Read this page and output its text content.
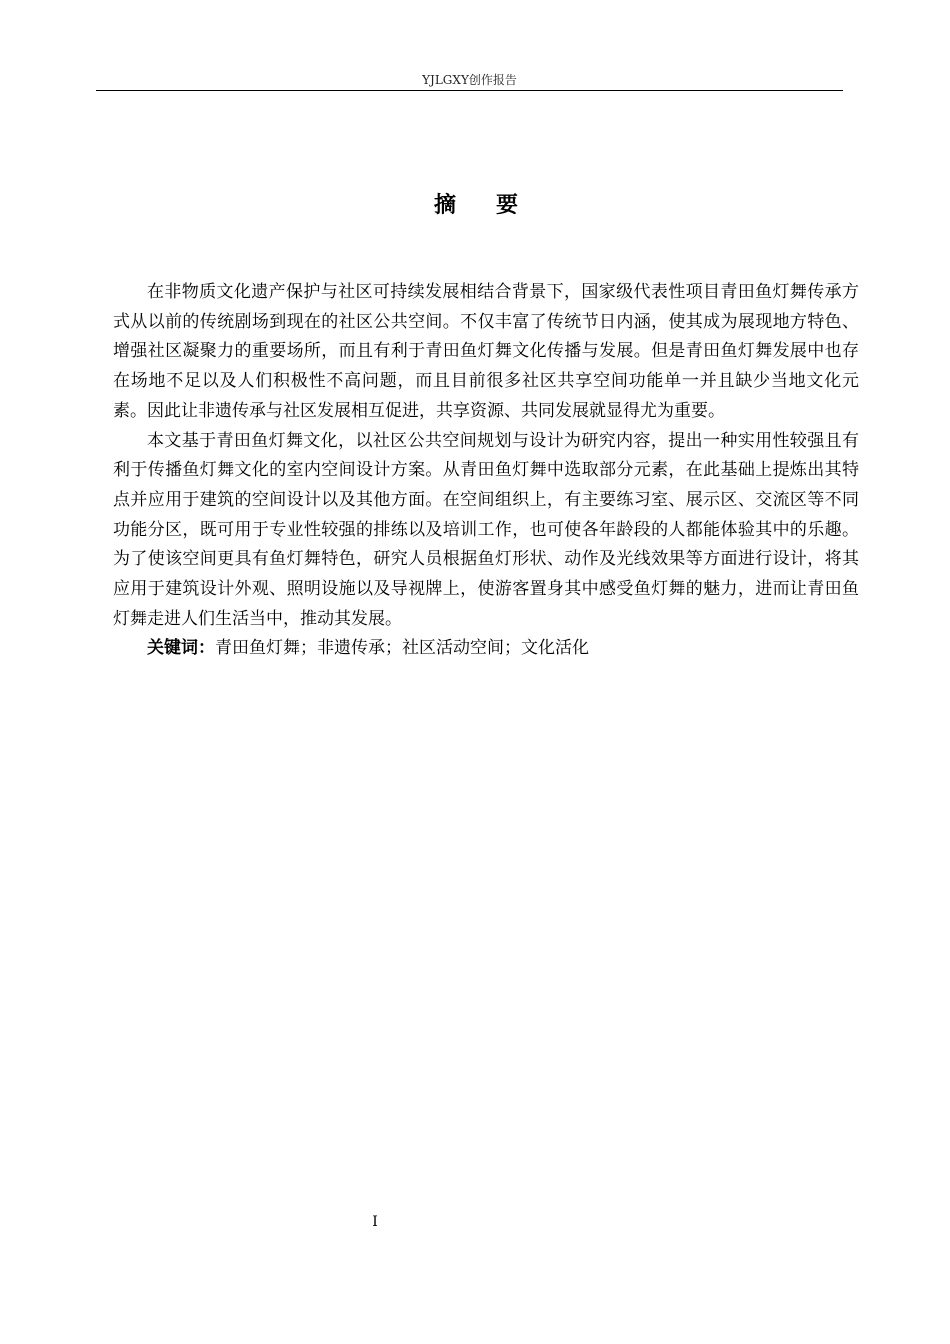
YJLGXY创作报告
摘 要

在非物质文化遗产保护与社区可持续发展相结合背景下，国家级代表性项目青田鱼灯舞传承方式从以前的传统剧场到现在的社区公共空间。不仅丰富了传统节日内涵，使其成为展现地方特色、增强社区凝聚力的重要场所，而且有利于青田鱼灯舞文化传播与发展。但是青田鱼灯舞发展中也存在场地不足以及人们积极性不高问题，而且目前很多社区共享空间功能单一并且缺少当地文化元素。因此让非遗传承与社区发展相互促进，共享资源、共同发展就显得尤为重要。

本文基于青田鱼灯舞文化，以社区公共空间规划与设计为研究内容，提出一种实用性较强且有利于传播鱼灯舞文化的室内空间设计方案。从青田鱼灯舞中选取部分元素，在此基础上提炼出其特点并应用于建筑的空间设计以及其他方面。在空间组织上，有主要练习室、展示区、交流区等不同功能分区，既可用于专业性较强的排练以及培训工作，也可使各年龄段的人都能体验其中的乐趣。为了使该空间更具有鱼灯舞特色，研究人员根据鱼灯形状、动作及光线效果等方面进行设计，将其应用于建筑设计外观、照明设施以及导视牌上，使游客置身其中感受鱼灯舞的魅力，进而让青田鱼灯舞走进人们生活当中，推动其发展。

关键词：青田鱼灯舞；非遗传承；社区活动空间；文化活化

I
